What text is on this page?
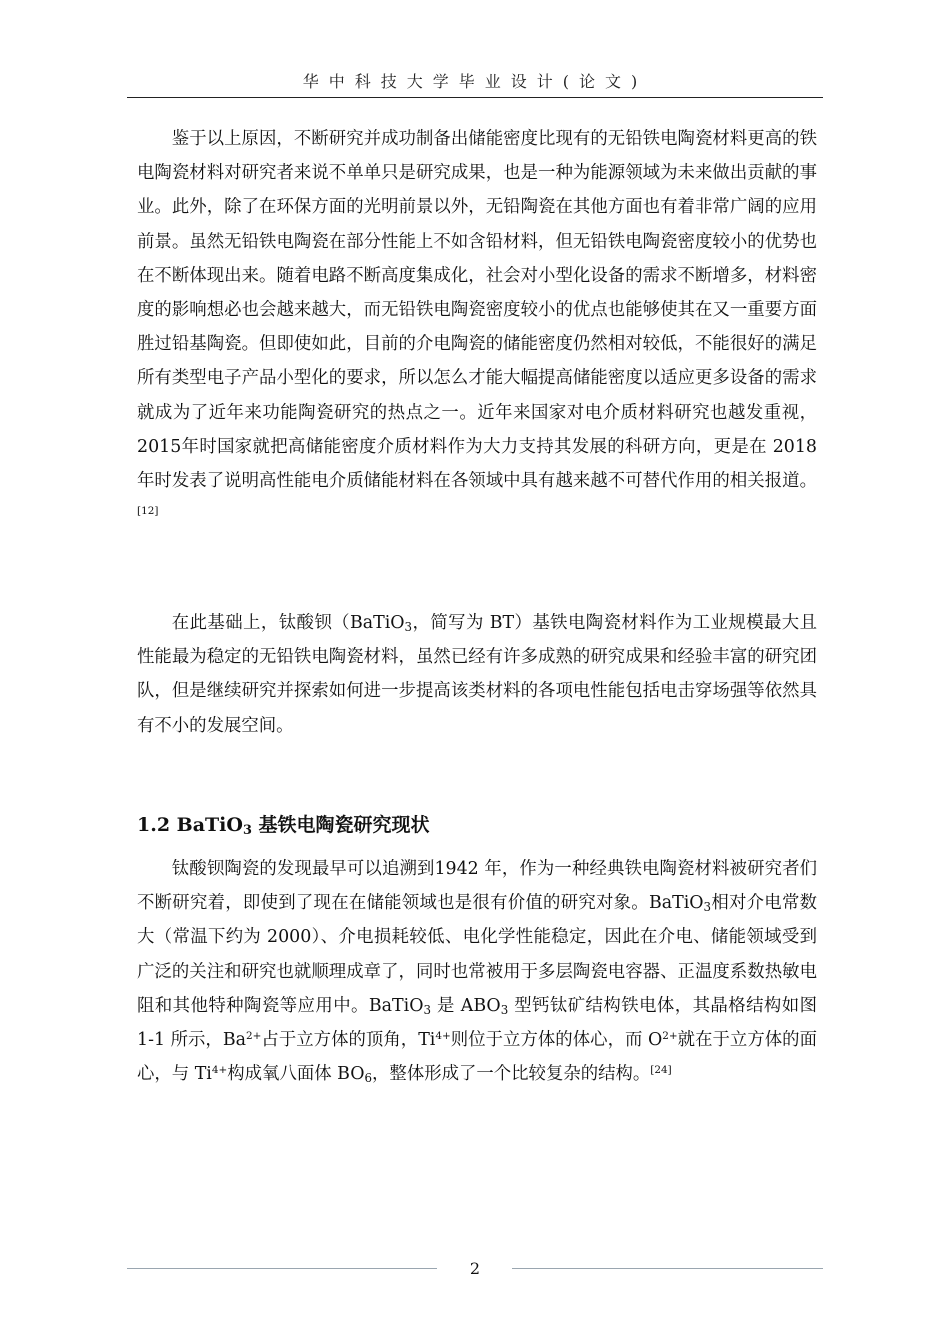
华中科技大学毕业设计(论文)

鉴于以上原因，不断研究并成功制备出储能密度比现有的无铅铁电陶瓷材料更高的铁电陶瓷材料对研究者来说不单单只是研究成果，也是一种为能源领域为未来做出贡献的事业。此外，除了在环保方面的光明前景以外，无铅陶瓷在其他方面也有着非常广阔的应用前景。虽然无铅铁电陶瓷在部分性能上不如含铅材料，但无铅铁电陶瓷密度较小的优势也在不断体现出来。随着电路不断高度集成化，社会对小型化设备的需求不断增多，材料密度的影响想必也会越来越大，而无铅铁电陶瓷密度较小的优点也能够使其在又一重要方面胜过铅基陶瓷。但即使如此，目前的介电陶瓷的储能密度仍然相对较低，不能很好的满足所有类型电子产品小型化的要求，所以怎么才能大幅提高储能密度以适应更多设备的需求就成为了近年来功能陶瓷研究的热点之一。近年来国家对电介质材料研究也越发重视， 2015年时国家就把高储能密度介质材料作为大力支持其发展的科研方向，更是在 2018年时发表了说明高性能电介质储能材料在各领域中具有越来越不可替代作用的相关报道。[12]

在此基础上，钛酸钡（BaTiO$_3$，简写为 BT）基铁电陶瓷材料作为工业规模最大且性能最为稳定的无铅铁电陶瓷材料，虽然已经有许多成熟的研究成果和经验丰富的研究团队，但是继续研究并探索如何进一步提高该类材料的各项电性能包括电击穿场强等依然具有不小的发展空间。

1.2 BaTiO$_3$ 基铁电陶瓷研究现状

钛酸钡陶瓷的发现最早可以追溯到1942 年，作为一种经典铁电陶瓷材料被研究者们不断研究着，即使到了现在在储能领域也是很有价值的研究对象。BaTiO$_3$相对介电常数大（常温下约为 2000）、介电损耗较低、电化学性能稳定，因此在介电、储能领域受到广泛的关注和研究也就顺理成章了，同时也常被用于多层陶瓷电容器、正温度系数热敏电阻和其他特种陶瓷等应用中。BaTiO$_3$ 是 $ABO_3$ 型钙钛矿结构铁电体，其晶格结构如图 1-1 所示，$Ba^{2+}$占于立方体的顶角，$Ti^{4+}$则位于立方体的体心，而 $O^{2+}$就在于立方体的面心，与 $Ti^{4+}$构成氧八面体 $BO_6$，整体形成了一个比较复杂的结构。[24]

2
